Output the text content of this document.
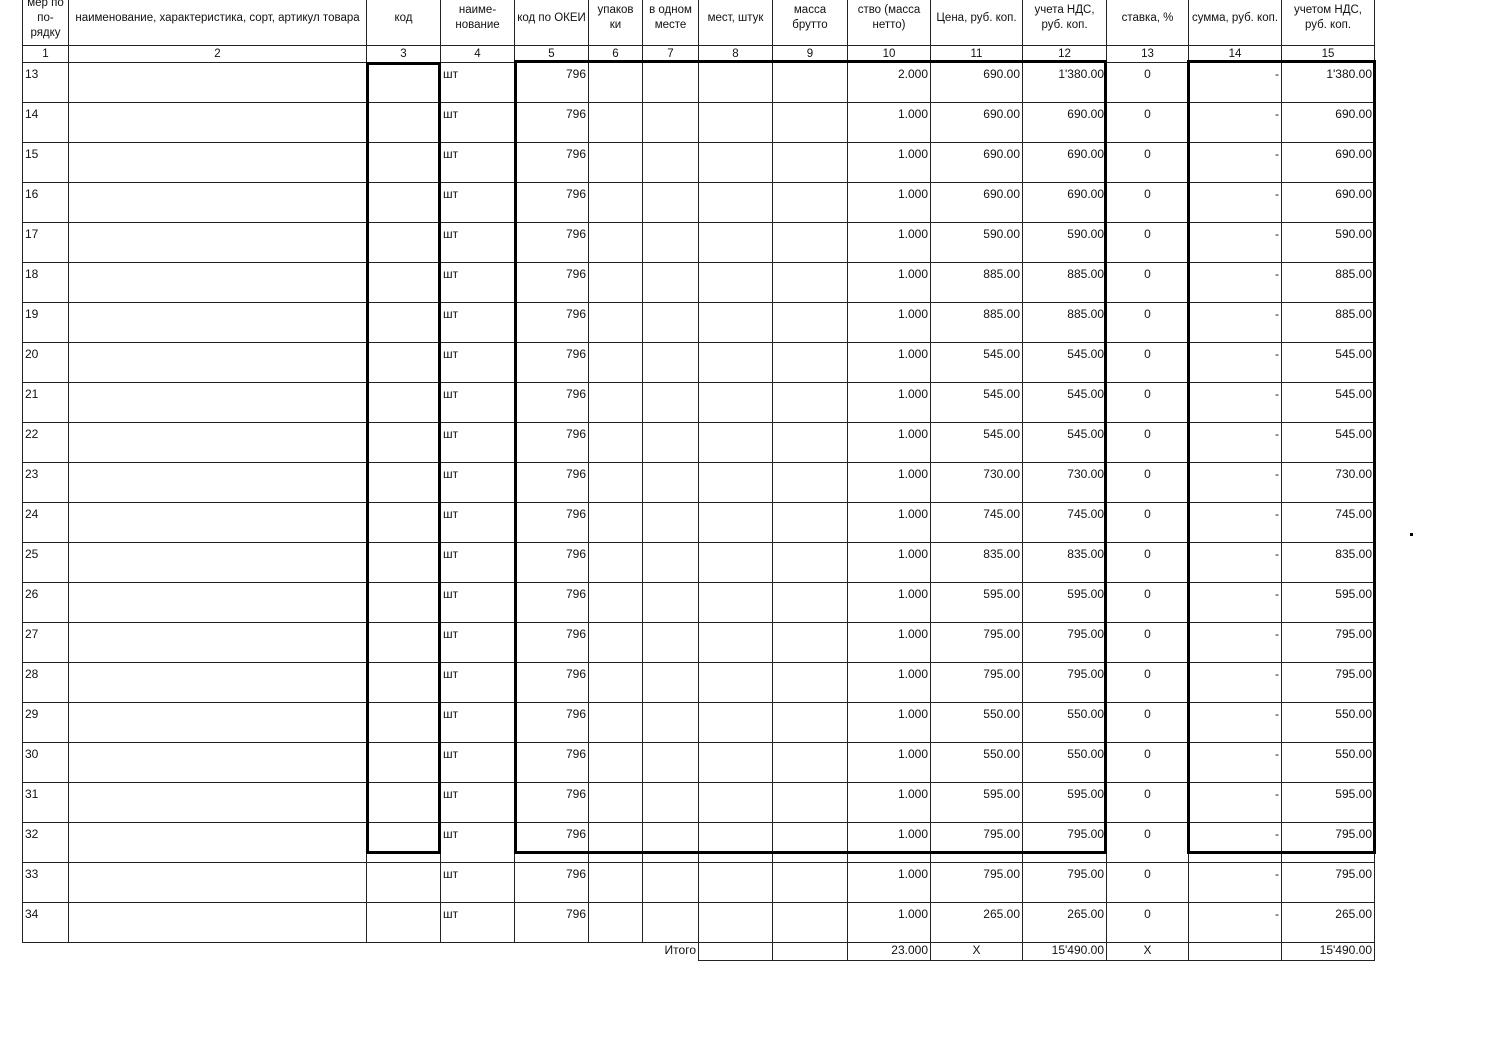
мер по по-рядку	наименование, характеристика, сорт, артикул товара	код	наиме-нование	код по ОКЕИ	упаков ки	в одном месте	мест, штук	масса брутто	ство (масса нетто)	Цена, руб. коп.	учета НДС, руб. коп.	ставка, %	сумма, руб. коп.	учетом НДС, руб. коп.
1	2	3	4	5	6	7	8	9	10	11	12	13	14	15
13			шт	796					2.000	690.00	1'380.00	0	-	1'380.00
14			шт	796					1.000	690.00	690.00	0	-	690.00
15			шт	796					1.000	690.00	690.00	0	-	690.00
16			шт	796					1.000	690.00	690.00	0	-	690.00
17			шт	796					1.000	590.00	590.00	0	-	590.00
18			шт	796					1.000	885.00	885.00	0	-	885.00
19			шт	796					1.000	885.00	885.00	0	-	885.00
20			шт	796					1.000	545.00	545.00	0	-	545.00
21			шт	796					1.000	545.00	545.00	0	-	545.00
22			шт	796					1.000	545.00	545.00	0	-	545.00
23			шт	796					1.000	730.00	730.00	0	-	730.00
24			шт	796					1.000	745.00	745.00	0	-	745.00
25			шт	796					1.000	835.00	835.00	0	-	835.00
26			шт	796					1.000	595.00	595.00	0	-	595.00
27			шт	796					1.000	795.00	795.00	0	-	795.00
28			шт	796					1.000	795.00	795.00	0	-	795.00
29			шт	796					1.000	550.00	550.00	0	-	550.00
30			шт	796					1.000	550.00	550.00	0	-	550.00
31			шт	796					1.000	595.00	595.00	0	-	595.00
32			шт	796					1.000	795.00	795.00	0	-	795.00
33			шт	796					1.000	795.00	795.00	0	-	795.00
34			шт	796					1.000	265.00	265.00	0	-	265.00
						Итого			23.000	X	15'490.00	X		15'490.00
